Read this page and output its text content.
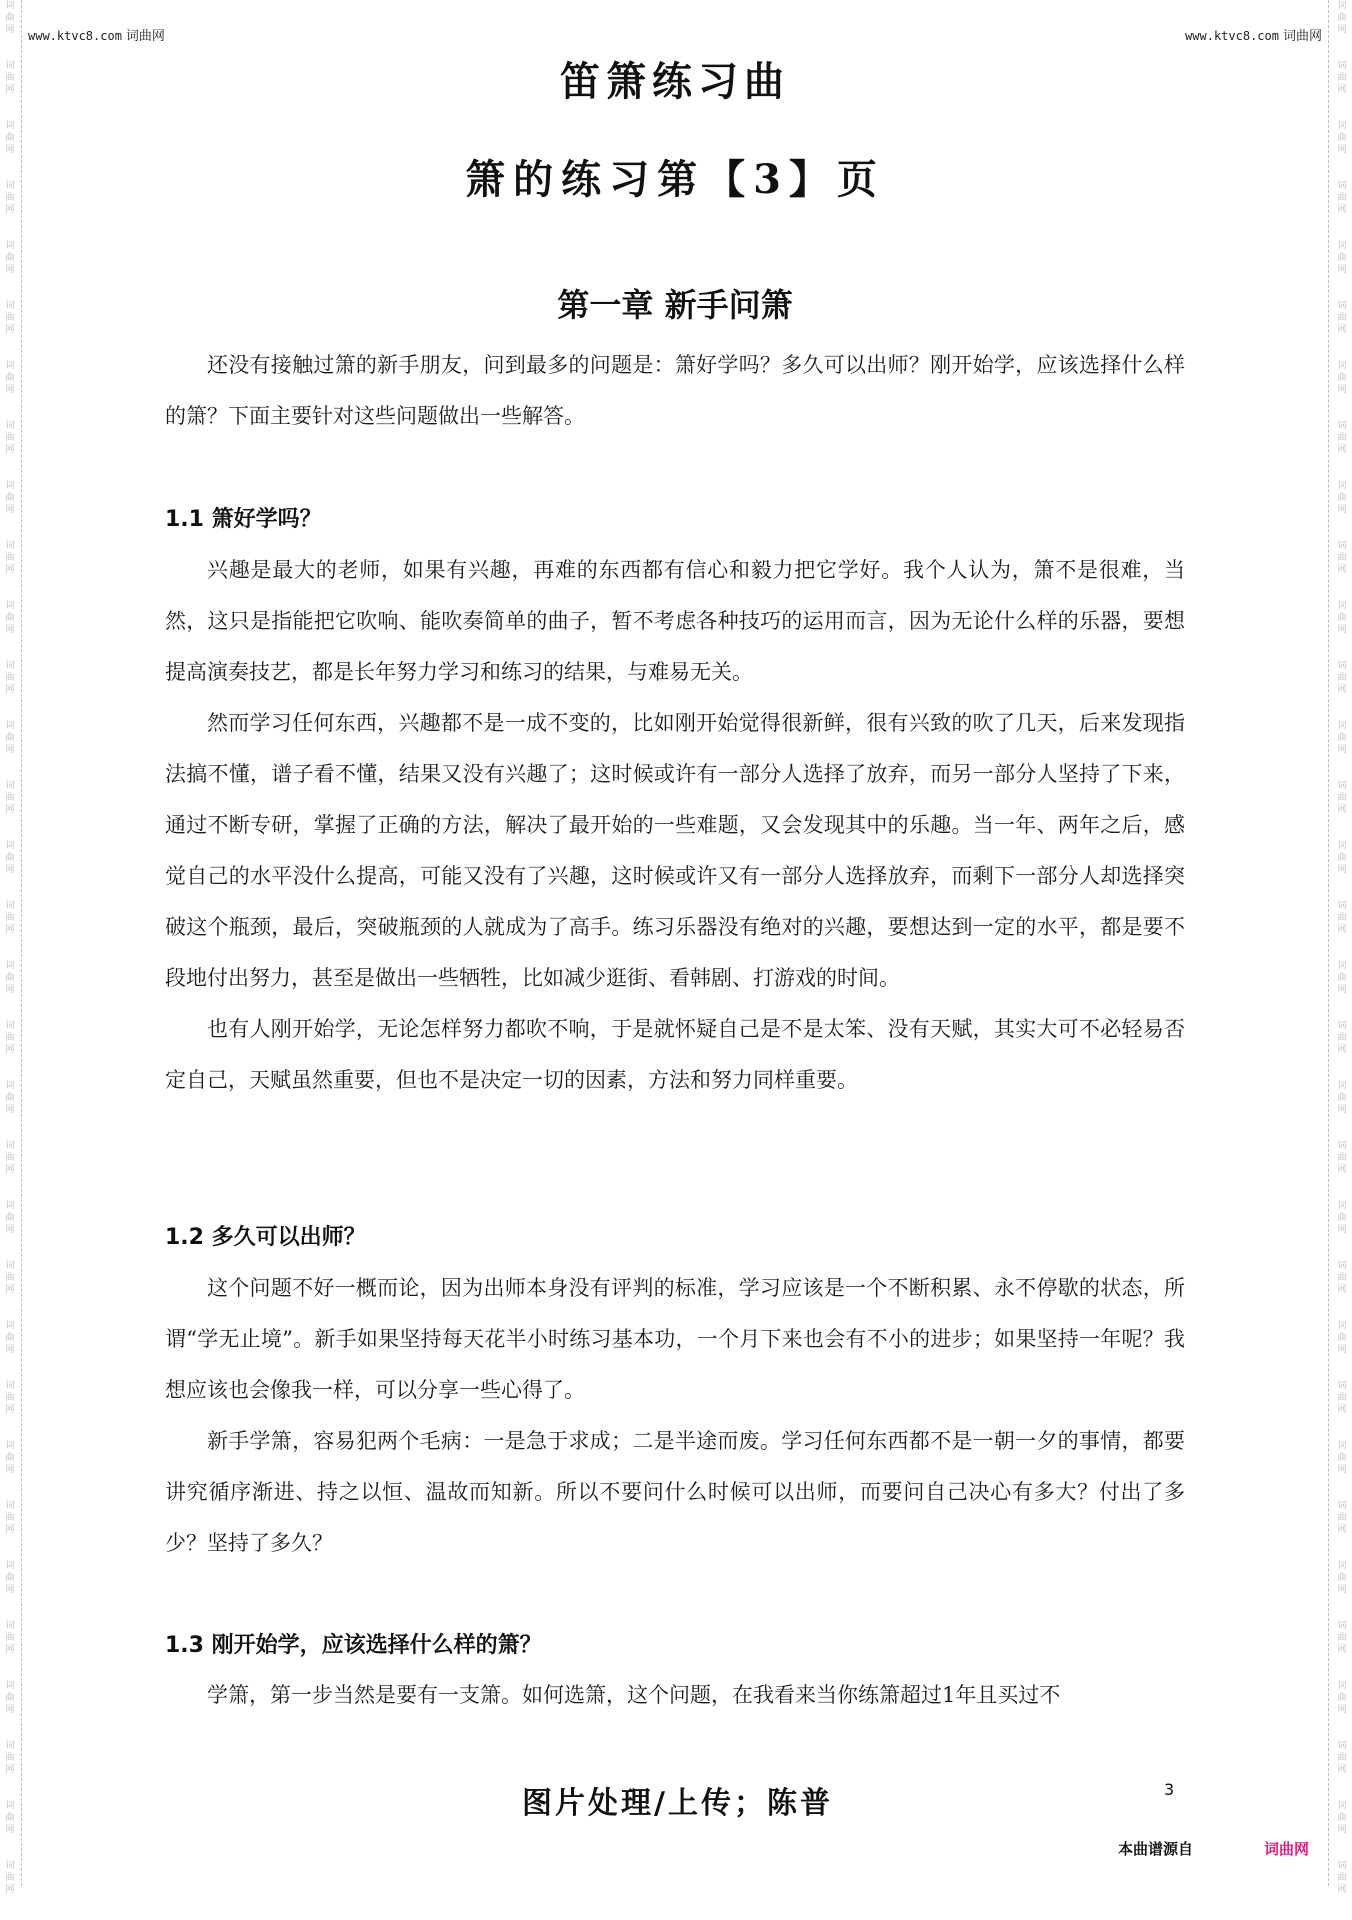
词
曲
网
词
曲
网
词
曲
网
词
曲
网
词
曲
网
词
曲
网
词
曲
网
词
曲
网
词
曲
网
词
曲
网
词
曲
网
词
曲
网
词
曲
网
词
曲
网
词
曲
网
词
曲
网
词
曲
网
词
曲
网
词
曲
网
词
曲
网
词
曲
网
词
曲
网
词
曲
网
词
曲
网
词
曲
网
词
曲
网
词
曲
网
词
曲
网
词
曲
网
词
曲
网
词
曲
网
词
曲
网
词
曲
网
词
曲
网
词
曲
网
词
曲
网
词
曲
网
词
曲
网
词
曲
网
词
曲
网
词
曲
网
词
曲
网
词
曲
网
词
曲
网
词
曲
网
词
曲
网
词
曲
网
词
曲
网
词
曲
网
词
曲
网
词
曲
网
词
曲
网
词
曲
网
词
曲
网
词
曲
网
词
曲
网
词
曲
网
词
曲
网
词
曲
网
词
曲
网
词
曲
网
词
曲
网
词
曲
网
词
曲
网
www.ktvc8.com 词曲网	www.ktvc8.com 词曲网
笛箫练习曲
箫的练习第【3】页
第一章 新手问箫

还没有接触过箫的新手朋友，问到最多的问题是：箫好学吗？多久可以出师？刚开始学，应该选择什么样的箫？下面主要针对这些问题做出一些解答。

1.1 箫好学吗？

兴趣是最大的老师，如果有兴趣，再难的东西都有信心和毅力把它学好。我个人认为，箫不是很难，当然，这只是指能把它吹响、能吹奏简单的曲子，暂不考虑各种技巧的运用而言，因为无论什么样的乐器，要想提高演奏技艺，都是长年努力学习和练习的结果，与难易无关。

然而学习任何东西，兴趣都不是一成不变的，比如刚开始觉得很新鲜，很有兴致的吹了几天，后来发现指法搞不懂，谱子看不懂，结果又没有兴趣了；这时候或许有一部分人选择了放弃，而另一部分人坚持了下来，通过不断专研，掌握了正确的方法，解决了最开始的一些难题，又会发现其中的乐趣。当一年、两年之后，感觉自己的水平没什么提高，可能又没有了兴趣，这时候或许又有一部分人选择放弃，而剩下一部分人却选择突破这个瓶颈，最后，突破瓶颈的人就成为了高手。练习乐器没有绝对的兴趣，要想达到一定的水平，都是要不段地付出努力，甚至是做出一些牺牲，比如减少逛街、看韩剧、打游戏的时间。

也有人刚开始学，无论怎样努力都吹不响，于是就怀疑自己是不是太笨、没有天赋，其实大可不必轻易否定自己，天赋虽然重要，但也不是决定一切的因素，方法和努力同样重要。

1.2 多久可以出师？

这个问题不好一概而论，因为出师本身没有评判的标准，学习应该是一个不断积累、永不停歇的状态，所谓“学无止境”。新手如果坚持每天花半小时练习基本功，一个月下来也会有不小的进步；如果坚持一年呢？我想应该也会像我一样，可以分享一些心得了。

新手学箫，容易犯两个毛病：一是急于求成；二是半途而废。学习任何东西都不是一朝一夕的事情，都要讲究循序渐进、持之以恒、温故而知新。所以不要问什么时候可以出师，而要问自己决心有多大？付出了多少？坚持了多久？

1.3 刚开始学，应该选择什么样的箫？

学箫，第一步当然是要有一支箫。如何选箫，这个问题，在我看来当你练箫超过1年且买过不

图片处理/上传；陈普	3
本曲谱源自	词曲网
